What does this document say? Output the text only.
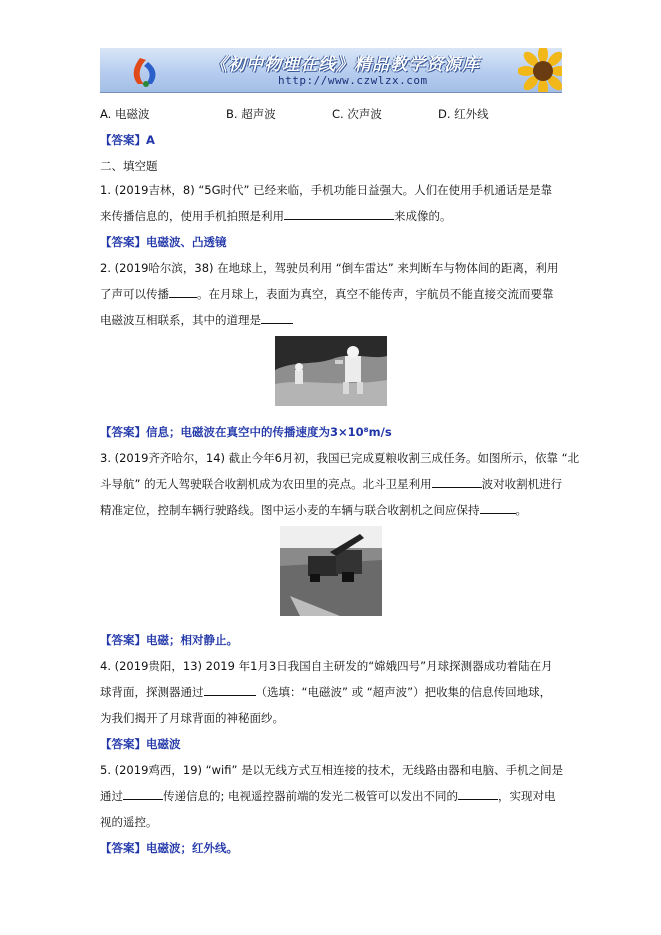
《初中物理在线》精品教学资源库
http://www.czwlzx.com
A. 电磁波	B. 超声波	C. 次声波	D. 红外线
【答案】A
二、填空题
1. (2019吉林，8) “5G时代” 已经来临，手机功能日益强大。人们在使用手机通话是是靠
来传播信息的，使用手机拍照是利用	来成像的。
【答案】电磁波、凸透镜
2. (2019哈尔滨，38) 在地球上，驾驶员利用 “倒车雷达” 来判断车与物体间的距离，利用
了声可以传播 。在月球上，表面为真空，真空不能传声，宇航员不能直接交流而要靠
电磁波互相联系，其中的道理是
【答案】信息；电磁波在真空中的传播速度为3×10⁸m/s
3. (2019齐齐哈尔，14) 截止今年6月初，我国已完成夏粮收割三成任务。如图所示，依靠 “北
斗导航” 的无人驾驶联合收割机成为农田里的亮点。北斗卫星利用	波对收割机进行
精准定位，控制车辆行驶路线。图中运小麦的车辆与联合收割机之间应保持	。
【答案】电磁；相对静止。
4. (2019贵阳，13) 2019 年1月3日我国自主研发的“嫦娥四号”月球探测器成功着陆在月
球背面，探测器通过	（选填：“电磁波” 或 “超声波”）把收集的信息传回地球，
为我们揭开了月球背面的神秘面纱。
【答案】电磁波
5. (2019鸡西，19) “wifi” 是以无线方式互相连接的技术，无线路由器和电脑、手机之间是
通过	传递信息的; 电视遥控器前端的发光二极管可以发出不同的	，实现对电
视的遥控。
【答案】电磁波；红外线。
